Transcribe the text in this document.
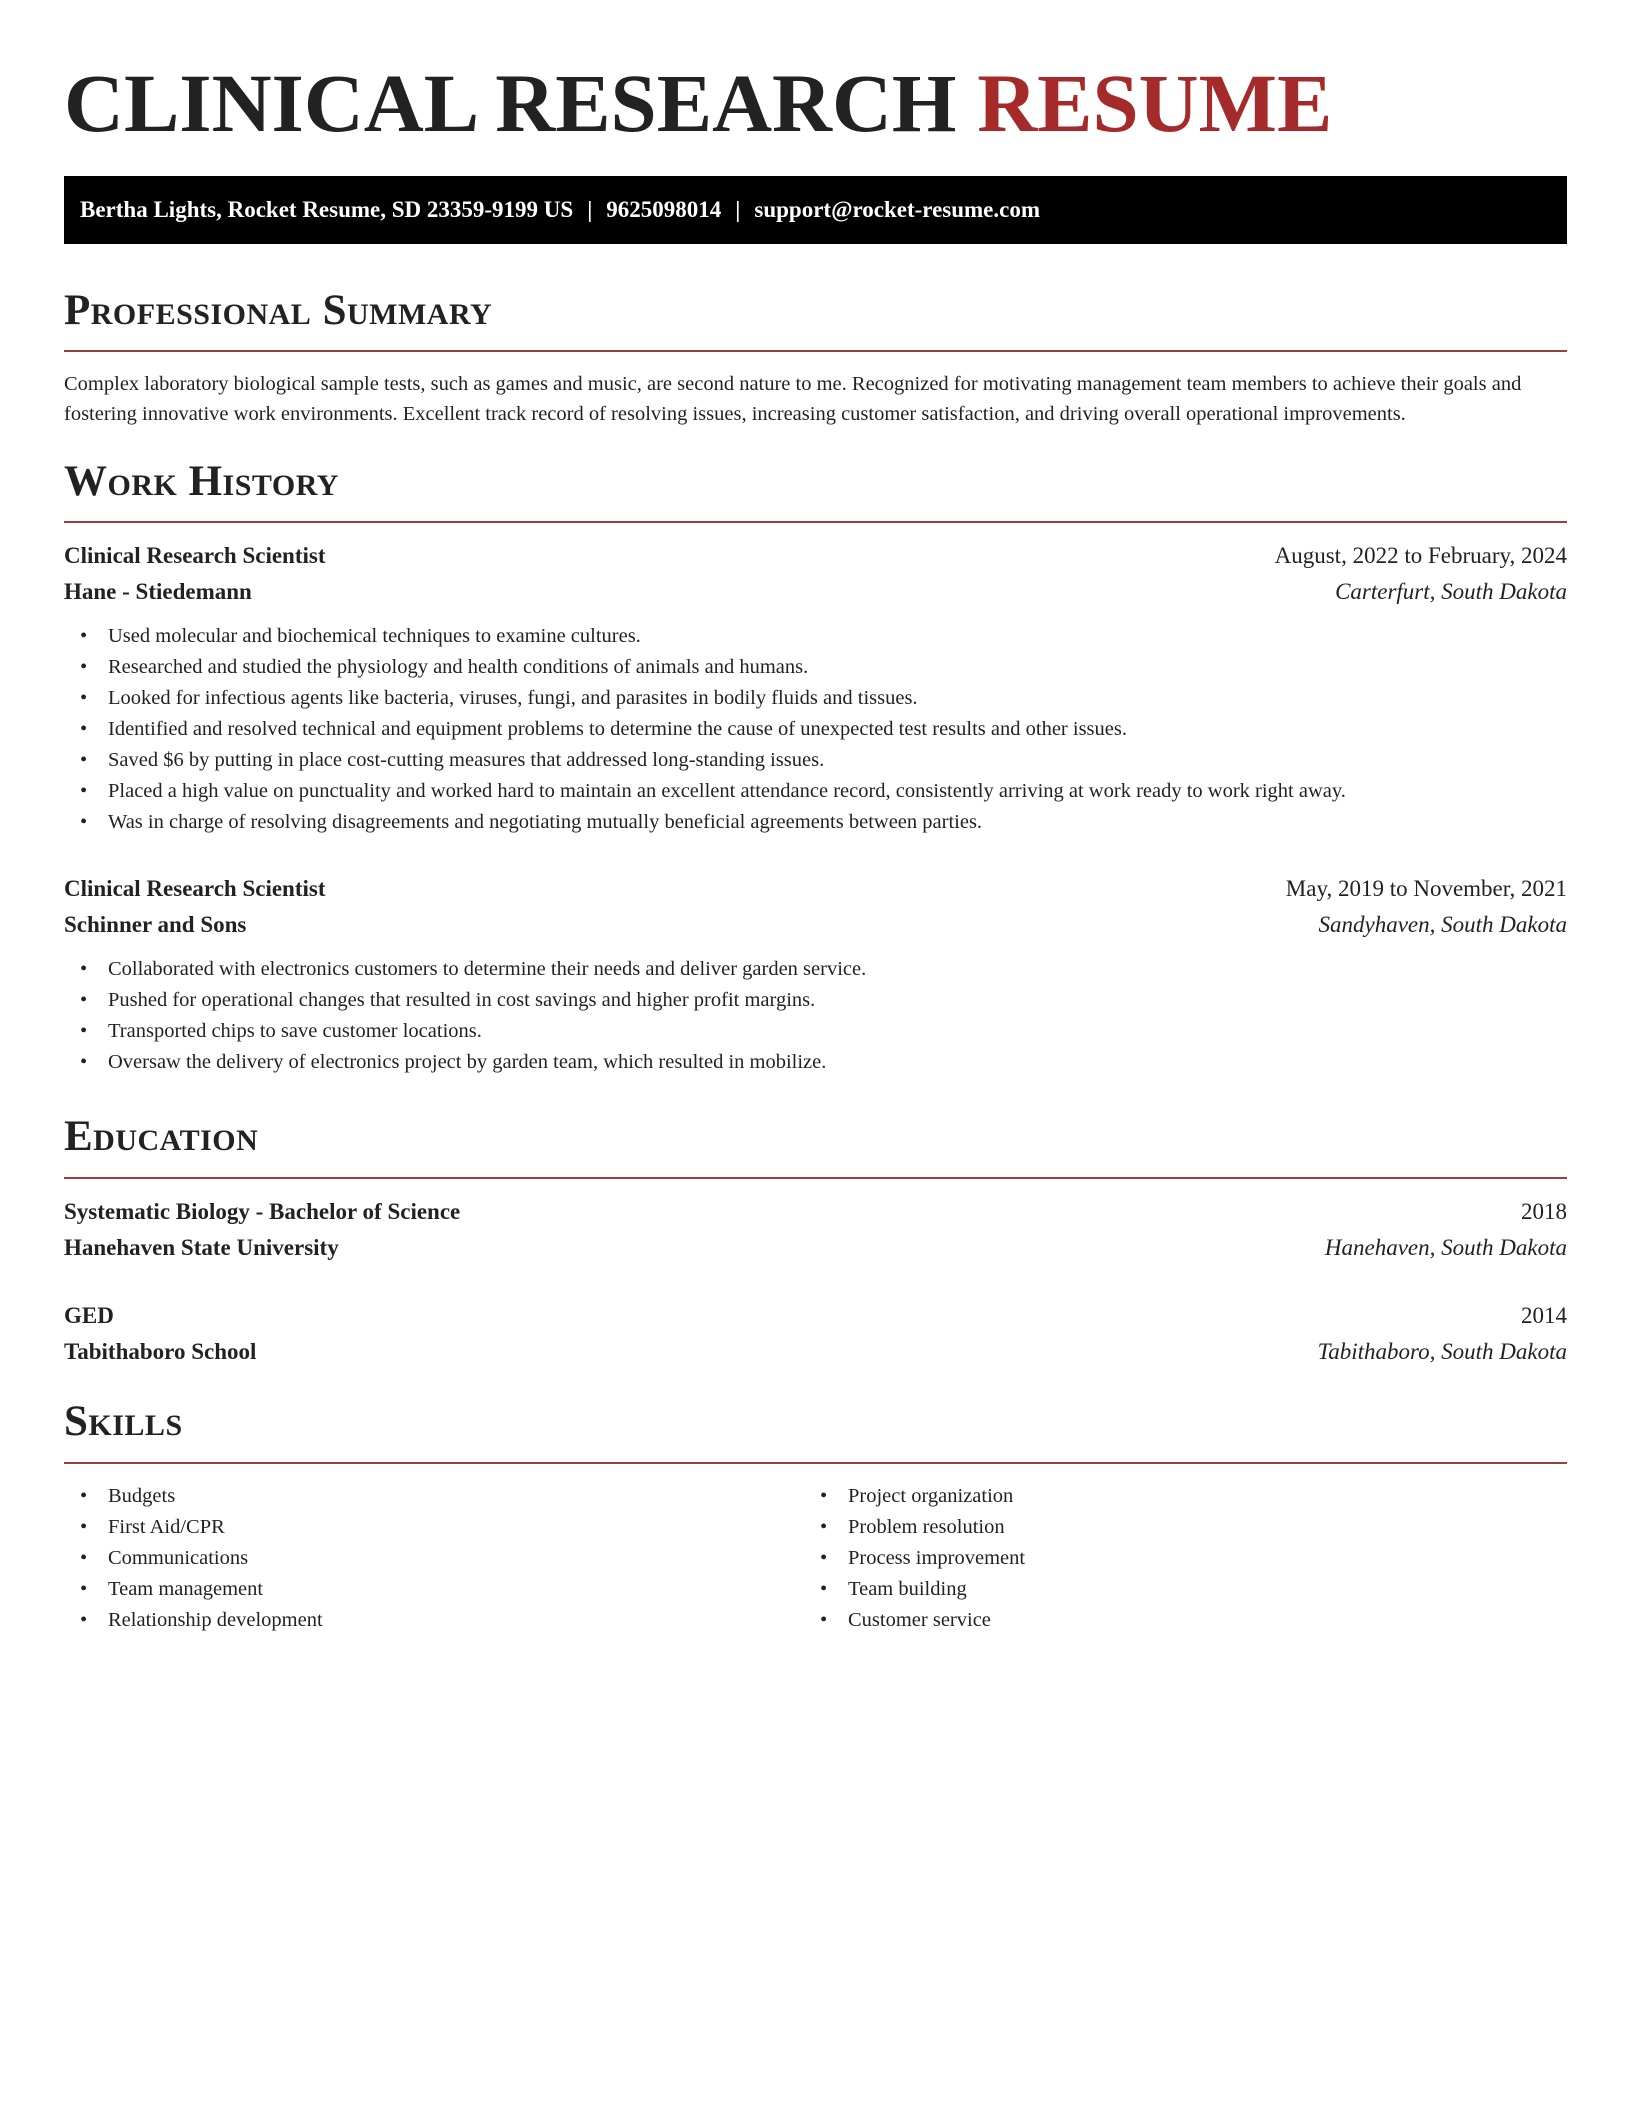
CLINICAL RESEARCH RESUME
Bertha Lights, Rocket Resume, SD 23359-9199 US | 9625098014 | support@rocket-resume.com
Professional Summary

Complex laboratory biological sample tests, such as games and music, are second nature to me. Recognized for motivating management team members to achieve their goals and fostering innovative work environments. Excellent track record of resolving issues, increasing customer satisfaction, and driving overall operational improvements.

Work History
Clinical Research Scientist	August, 2022 to February, 2024
Hane - Stiedemann	Carterfurt, South Dakota
• Used molecular and biochemical techniques to examine cultures.
• Researched and studied the physiology and health conditions of animals and humans.
• Looked for infectious agents like bacteria, viruses, fungi, and parasites in bodily fluids and tissues.
• Identified and resolved technical and equipment problems to determine the cause of unexpected test results and other issues.
• Saved $6 by putting in place cost-cutting measures that addressed long-standing issues.
• Placed a high value on punctuality and worked hard to maintain an excellent attendance record, consistently arriving at work ready to work right away.
• Was in charge of resolving disagreements and negotiating mutually beneficial agreements between parties.
Clinical Research Scientist	May, 2019 to November, 2021
Schinner and Sons	Sandyhaven, South Dakota
• Collaborated with electronics customers to determine their needs and deliver garden service.
• Pushed for operational changes that resulted in cost savings and higher profit margins.
• Transported chips to save customer locations.
• Oversaw the delivery of electronics project by garden team, which resulted in mobilize.
Education
Systematic Biology - Bachelor of Science	2018
Hanehaven State University	Hanehaven, South Dakota
GED	2014
Tabithaboro School	Tabithaboro, South Dakota
Skills
• Budgets
• First Aid/CPR
• Communications
• Team management
• Relationship development
• Project organization
• Problem resolution
• Process improvement
• Team building
• Customer service
